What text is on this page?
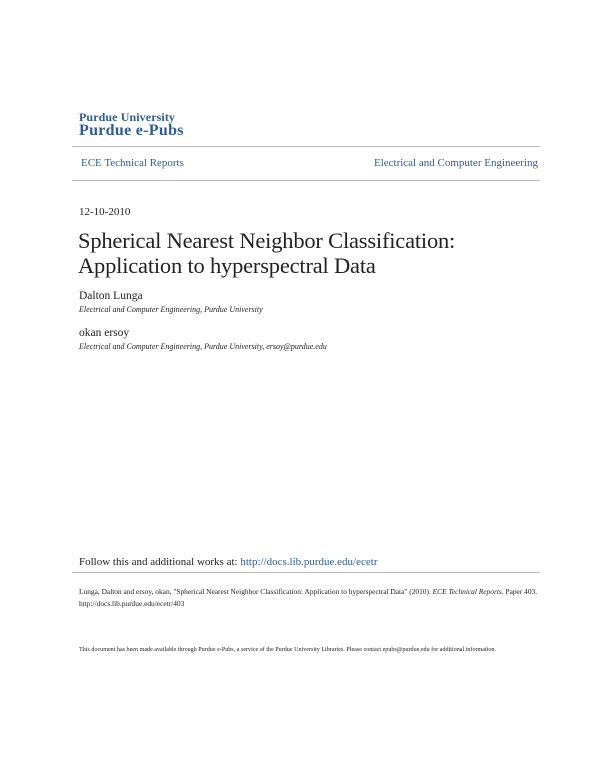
Purdue University
Purdue e-Pubs
ECE Technical Reports	Electrical and Computer Engineering
12-10-2010
Spherical Nearest Neighbor Classification:
Application to hyperspectral Data
Dalton Lunga
Electrical and Computer Engineering, Purdue University
okan ersoy
Electrical and Computer Engineering, Purdue University, ersoy@purdue.edu
Follow this and additional works at: http://docs.lib.purdue.edu/ecetr
Lunga, Dalton and ersoy, okan, "Spherical Nearest Neighbor Classification: Application to hyperspectral Data" (2010). ECE Technical Reports. Paper 403.
http://docs.lib.purdue.edu/ecetr/403
This document has been made available through Purdue e-Pubs, a service of the Purdue University Libraries. Please contact epubs@purdue.edu for additional information.
